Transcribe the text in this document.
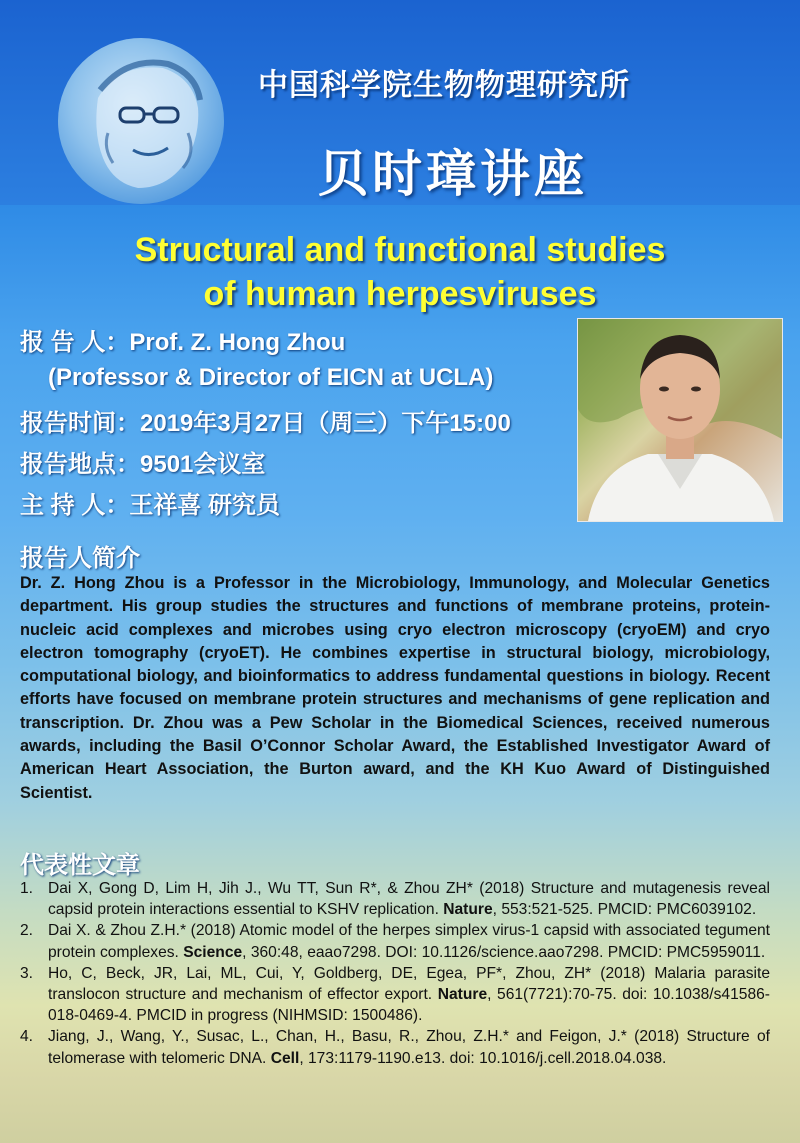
中国科学院生物物理研究所
贝时璋讲座
Structural and functional studies
of human herpesviruses
报 告 人：Prof. Z. Hong Zhou
(Professor & Director of EICN at UCLA)
报告时间：2019年3月27日（周三）下午15:00
报告地点：9501会议室
主 持 人：王祥喜 研究员
报告人简介
Dr. Z. Hong Zhou is a Professor in the Microbiology, Immunology, and Molecular Genetics department. His group studies the structures and functions of membrane proteins, protein-nucleic acid complexes and microbes using cryo electron microscopy (cryoEM) and cryo electron tomography (cryoET). He combines expertise in structural biology, microbiology, computational biology, and bioinformatics to address fundamental questions in biology. Recent efforts have focused on membrane protein structures and mechanisms of gene replication and transcription. Dr. Zhou was a Pew Scholar in the Biomedical Sciences, received numerous awards, including the Basil O’Connor Scholar Award, the Established Investigator Award of American Heart Association, the Burton award, and the KH Kuo Award of Distinguished Scientist.
代表性文章
1. Dai X, Gong D, Lim H, Jih J., Wu TT, Sun R*, & Zhou ZH* (2018) Structure and mutagenesis reveal capsid protein interactions essential to KSHV replication. Nature, 553:521-525. PMCID: PMC6039102.
2. Dai X. & Zhou Z.H.* (2018) Atomic model of the herpes simplex virus-1 capsid with associated tegument protein complexes. Science, 360:48, eaao7298. DOI: 10.1126/science.aao7298. PMCID: PMC5959011.
3. Ho, C, Beck, JR, Lai, ML, Cui, Y, Goldberg, DE, Egea, PF*, Zhou, ZH* (2018) Malaria parasite translocon structure and mechanism of effector export. Nature, 561(7721):70-75. doi: 10.1038/s41586-018-0469-4. PMCID in progress (NIHMSID: 1500486).
4. Jiang, J., Wang, Y., Susac, L., Chan, H., Basu, R., Zhou, Z.H.* and Feigon, J.* (2018) Structure of telomerase with telomeric DNA. Cell, 173:1179-1190.e13. doi: 10.1016/j.cell.2018.04.038.
